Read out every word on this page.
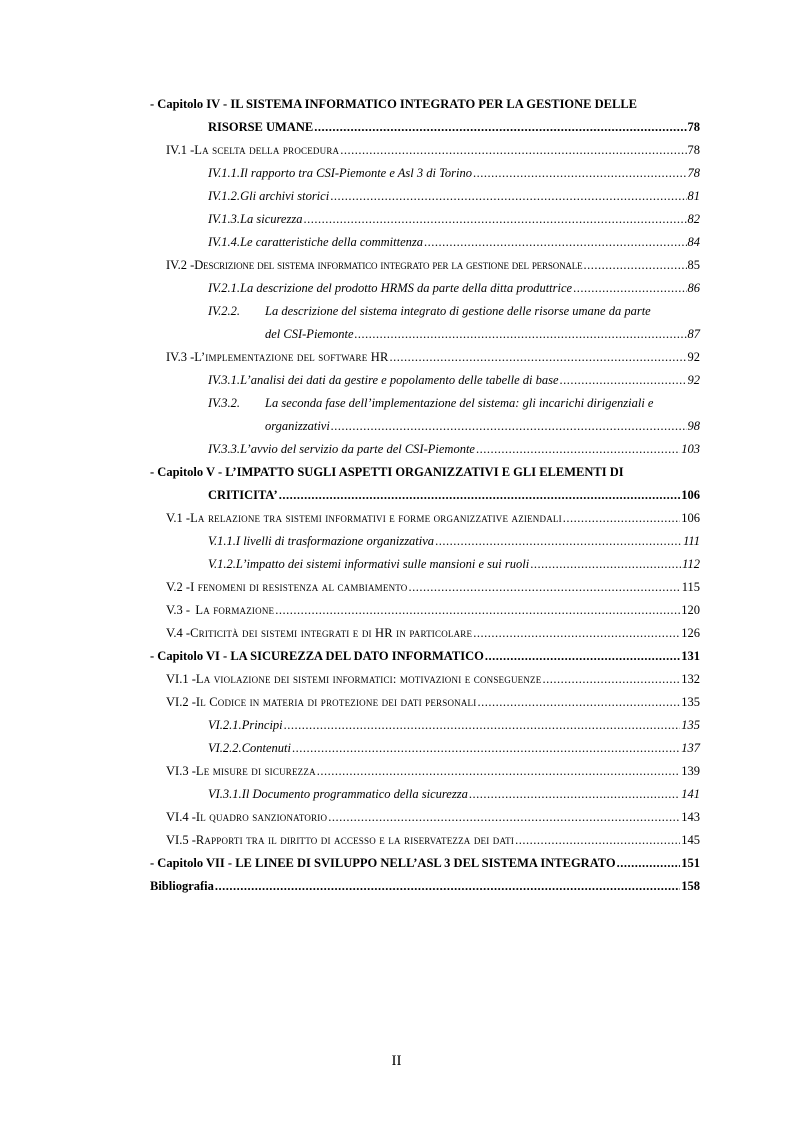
- Capitolo IV - IL SISTEMA INFORMATICO INTEGRATO PER LA GESTIONE DELLE
RISORSE UMANE .....	78
IV.1 - La scelta della procedura .....	78
IV.1.1. Il rapporto tra CSI-Piemonte e Asl 3 di Torino .....	78
IV.1.2. Gli archivi storici .....	81
IV.1.3. La sicurezza .....	82
IV.1.4. Le caratteristiche della committenza .....	84
IV.2 - Descrizione del sistema informatico integrato per la gestione del personale .....	85
IV.2.1. La descrizione del prodotto HRMS da parte della ditta produttrice .....	86
IV.2.2.	La descrizione del sistema integrato di gestione delle risorse umane da parte
del CSI-Piemonte .....	87
IV.3 - L’implementazione del software HR .....	92
IV.3.1. L’analisi dei dati da gestire e popolamento delle tabelle di base .....	92
IV.3.2.	La seconda fase dell’implementazione del sistema: gli incarichi dirigenziali e
organizzativi .....	98
IV.3.3. L’avvio del servizio da parte del CSI-Piemonte .....	103
- Capitolo V - L’IMPATTO SUGLI ASPETTI ORGANIZZATIVI E GLI ELEMENTI DI
CRITICITA’ .....	106
V.1 - La relazione tra sistemi informativi e forme organizzative aziendali .....	106
V.1.1. I livelli di trasformazione organizzativa .....	111
V.1.2. L’impatto dei sistemi informativi sulle mansioni e sui ruoli .....	112
V.2 - I fenomeni di resistenza al cambiamento .....	115
V.3 - La formazione .....	120
V.4 - Criticità dei sistemi integrati e di HR in particolare .....	126
- Capitolo VI - LA SICUREZZA DEL DATO INFORMATICO .....	131
VI.1 - La violazione dei sistemi informatici: motivazioni e conseguenze .....	132
VI.2 - Il Codice in materia di protezione dei dati personali .....	135
VI.2.1. Principi .....	135
VI.2.2. Contenuti .....	137
VI.3 - Le misure di sicurezza .....	139
VI.3.1. Il Documento programmatico della sicurezza .....	141
VI.4 - Il quadro sanzionatorio .....	143
VI.5 - Rapporti tra il diritto di accesso e la riservatezza dei dati .....	145
- Capitolo VII - LE LINEE DI SVILUPPO NELL’ASL 3 DEL SISTEMA INTEGRATO .....	151
Bibliografia .....	158
II
